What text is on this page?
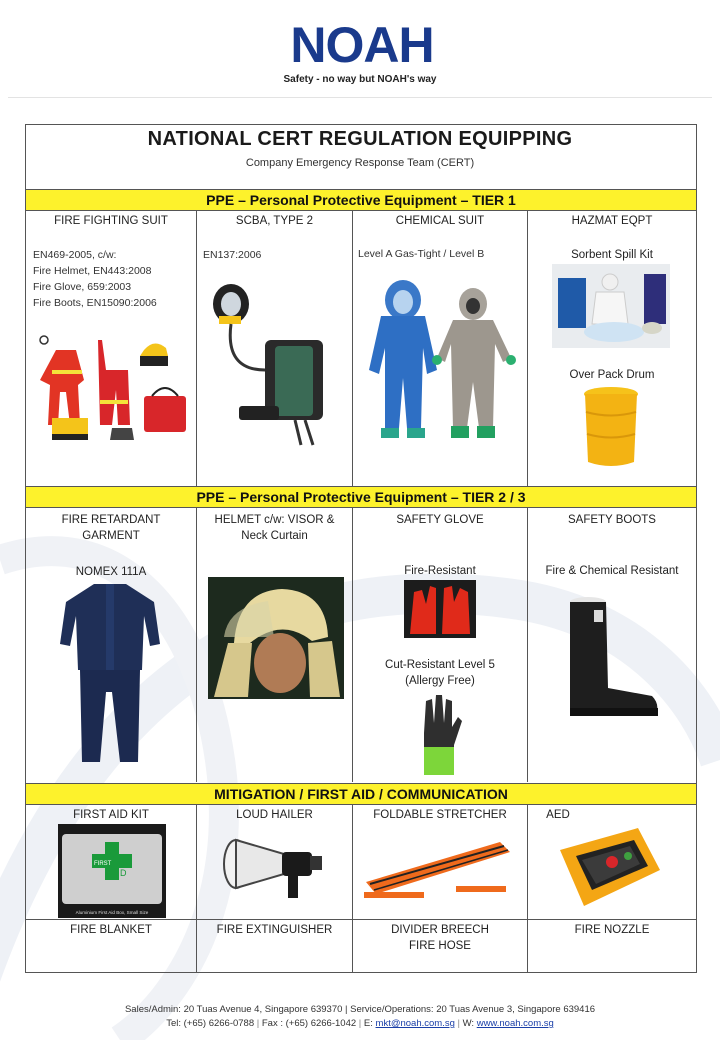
NOAH
Safety - no way but NOAH's way
NATIONAL CERT REGULATION EQUIPPING
Company Emergency Response Team (CERT)
PPE – Personal Protective Equipment – TIER 1
FIRE FIGHTING SUIT
EN469-2005, c/w:
Fire Helmet, EN443:2008
Fire Glove, 659:2003
Fire Boots, EN15090:2006
SCBA, TYPE 2
EN137:2006
CHEMICAL SUIT
Level A Gas-Tight / Level B
HAZMAT EQPT
Sorbent Spill Kit
Over Pack Drum
PPE – Personal Protective Equipment – TIER 2 / 3
FIRE RETARDANT
GARMENT
NOMEX 111A
HELMET c/w: VISOR &
Neck Curtain
SAFETY GLOVE
Fire-Resistant
Cut-Resistant Level 5
(Allergy Free)
SAFETY BOOTS
Fire & Chemical Resistant
MITIGATION / FIRST AID / COMMUNICATION
FIRST AID KIT
A
I
D
FIRST
Aluminium First Aid Box, Small Size
LOUD HAILER	FOLDABLE STRETCHER	AED
FIRE BLANKET	FIRE EXTINGUISHER	DIVIDER BREECH
FIRE HOSE
FIRE NOZZLE
Sales/Admin: 20 Tuas Avenue 4, Singapore 639370 | Service/Operations: 20 Tuas Avenue 3, Singapore 639416
Tel: (+65) 6266-0788 | Fax : (+65) 6266-1042 | E: mkt@noah.com.sg | W: www.noah.com.sg
